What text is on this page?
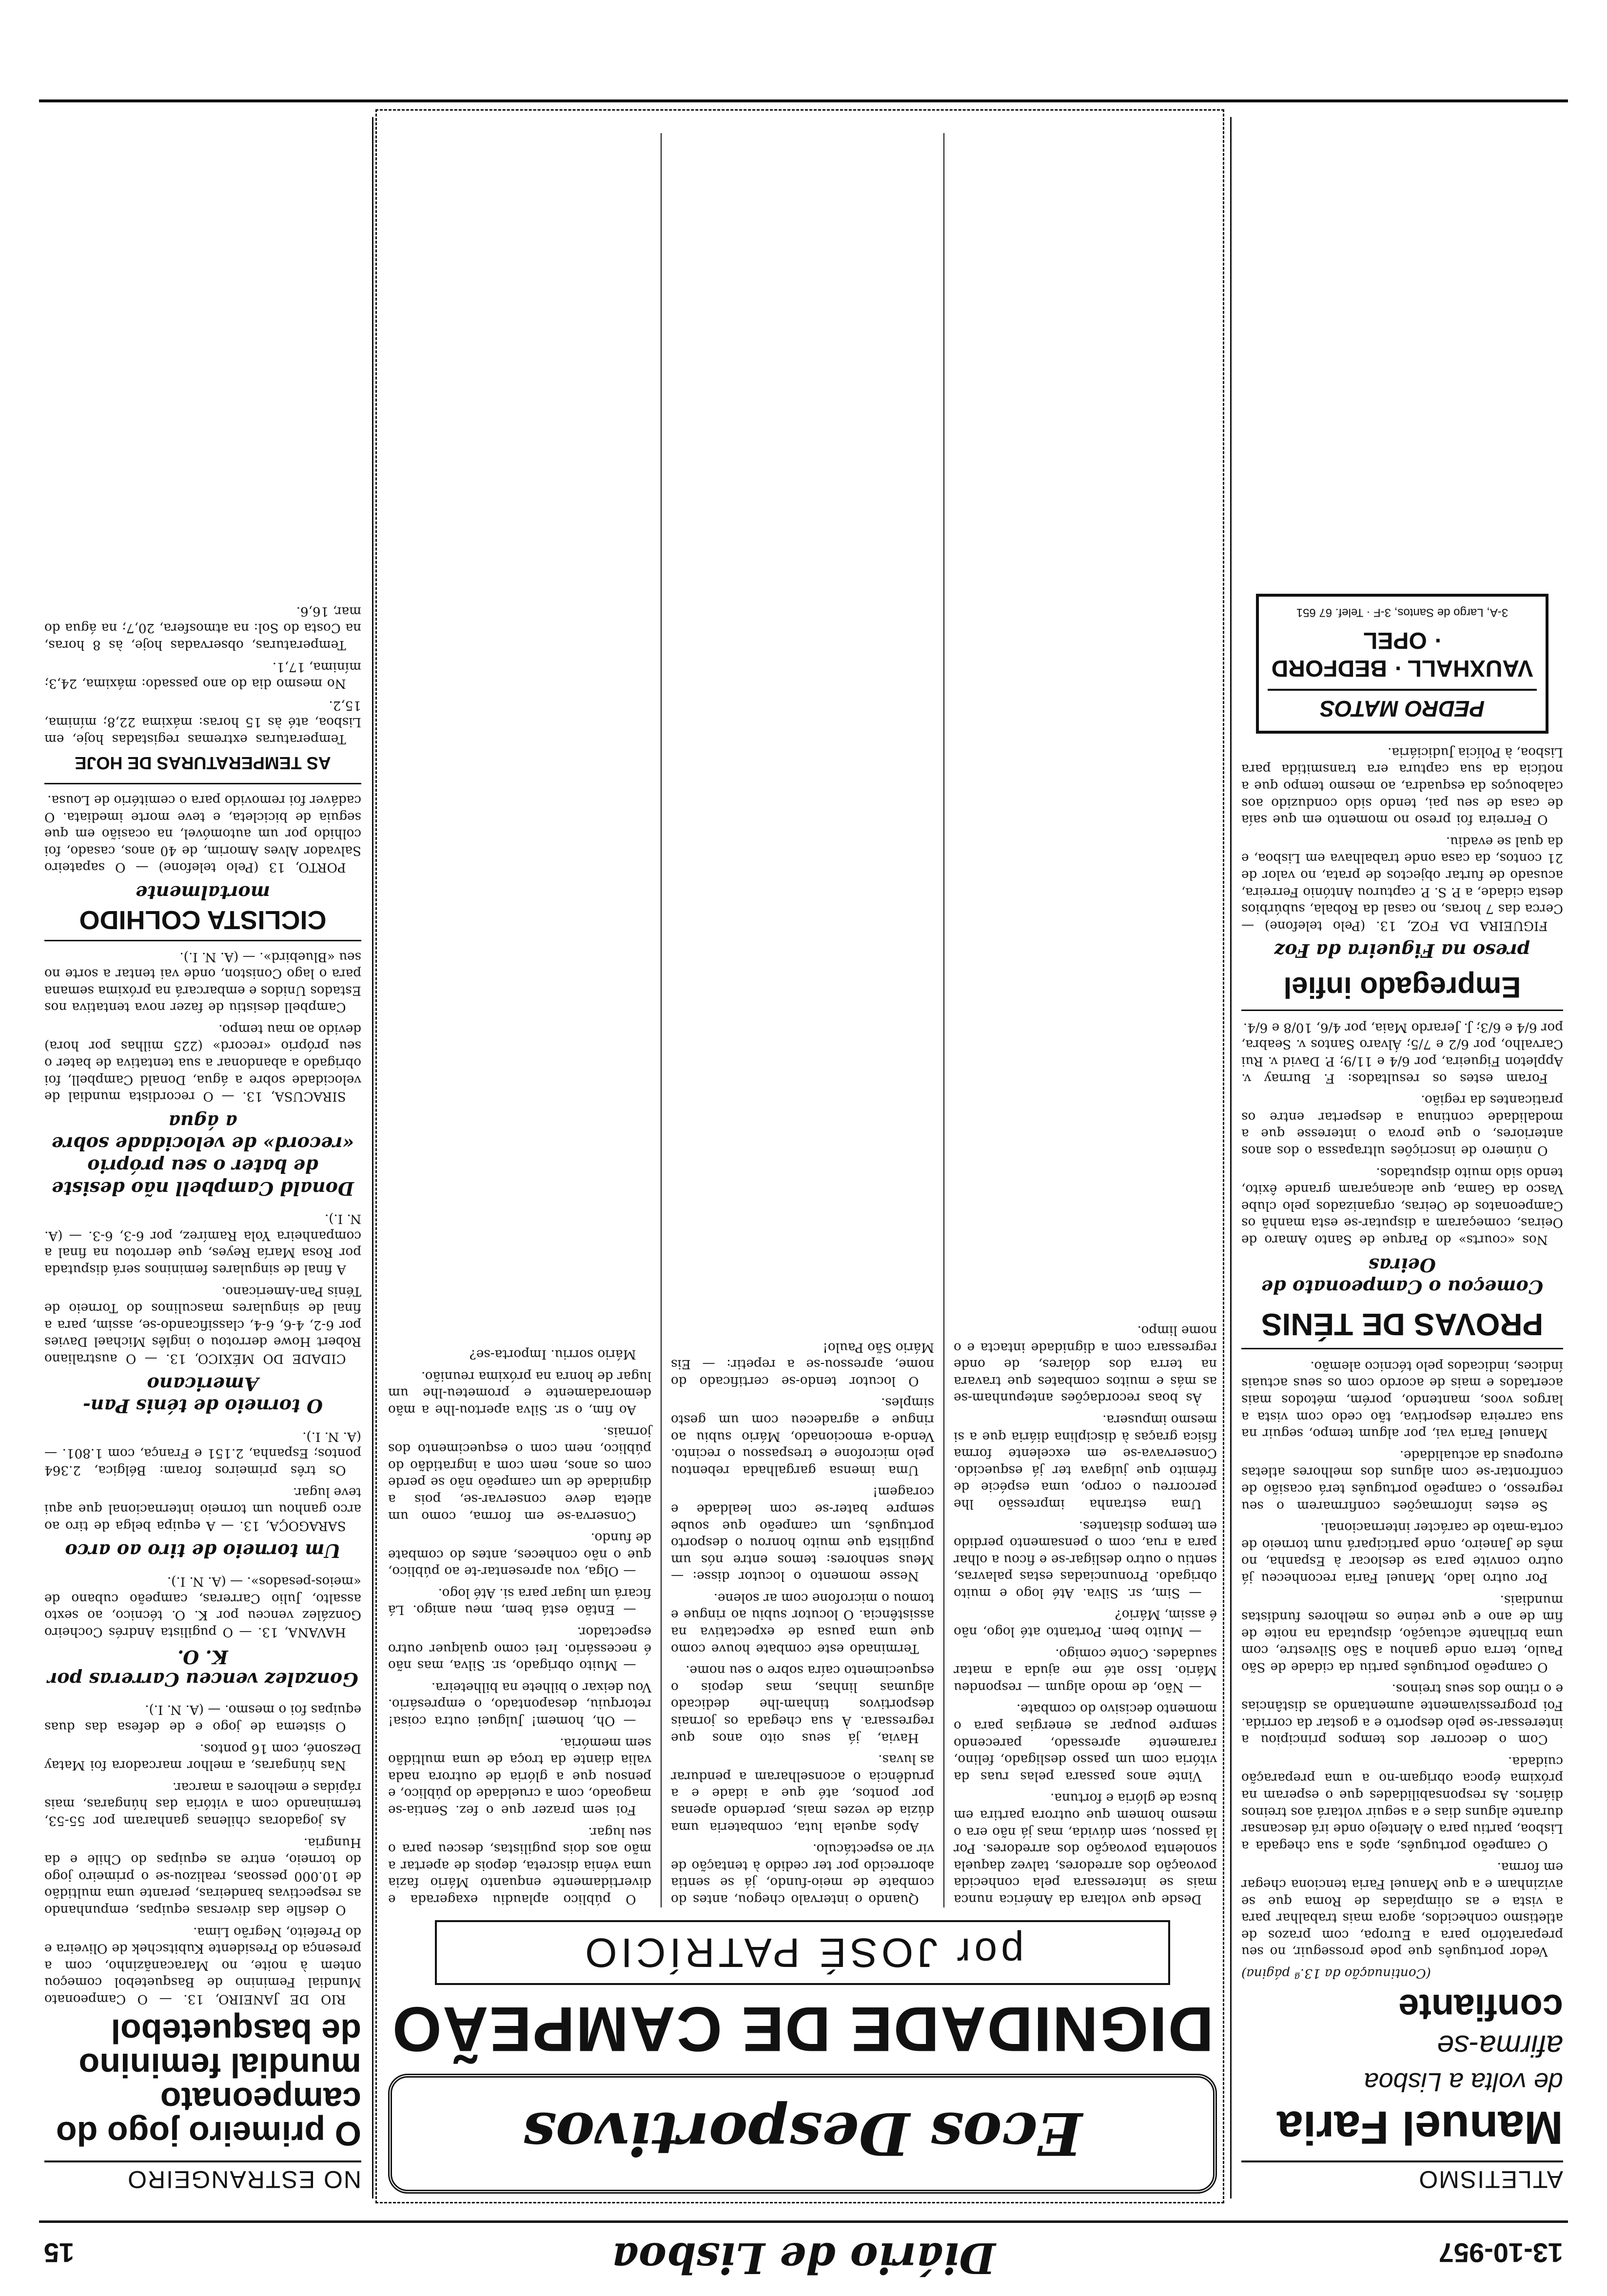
13-10-957
Diário de Lisboa
15
ATLETISMO
Manuel Faria
de volta a Lisboa
afirma-se
confiante

(Continuação da 13.ª página)

Vedor português que pode prosseguir, no seu preparatório para a Europa, com prazos de atletismo conhecidos, agora mais trabalhar para a vista e as olimpíadas de Roma que se avizinham e a que Manuel Faria tenciona chegar em forma.

O campeão português, após a sua chegada a Lisboa, partiu para o Alentejo onde irá descansar durante alguns dias e a seguir voltará aos treinos diários. As responsabilidades que o esperam na próxima época obrigam-no a uma preparação cuidada.

Com o decorrer dos tempos principiou a interessar-se pelo desporto e a gostar da corrida. Foi progressivamente aumentando as distâncias e o ritmo dos seus treinos.

O campeão português partiu da cidade de São Paulo, terra onde ganhou a São Silvestre, com uma brilhante actuação, disputada na noite de fim de ano e que reúne os melhores fundistas mundiais.

Por outro lado, Manuel Faria reconheceu já outro convite para se deslocar à Espanha, no mês de Janeiro, onde participará num torneio de corta-mato de carácter internacional.

Se estes informações confirmarem o seu regresso, o campeão português terá ocasião de confrontar-se com alguns dos melhores atletas europeus da actualidade.

Manuel Faria vai, por algum tempo, seguir na sua carreira desportiva, tão cedo com vista a largos voos, mantendo, porém, métodos mais acertados e mais de acordo com os seus actuais índices, indicados pelo técnico alemão.

PROVAS DE TÉNIS
Começou o Campeonato de Oeiras

Nos «courts» do Parque de Santo Amaro de Oeiras, começaram a disputar-se esta manhã os Campeonatos de Oeiras, organizados pelo clube Vasco da Gama, que alcançaram grande êxito, tendo sido muito disputados.

O número de inscrições ultrapassa o dos anos anteriores, o que prova o interesse que a modalidade continua a despertar entre os praticantes da região.

Foram estes os resultados: F. Burnay v. Appleton Figueira, por 6/4 e 11/9; P. David v. Rui Carvalho, por 6/2 e 7/5; Álvaro Santos v. Seabra, por 6/4 e 6/3; J. Jerardo Maia, por 4/6, 10/8 e 6/4.

Empregado infiel
preso na Figueira da Foz

FIGUEIRA DA FOZ, 13. (Pelo telefone) — Cerca das 7 horas, no casal da Robala, subúrbios desta cidade, a P. S. P. capturou António Ferreira, acusado de furtar objectos de prata, no valor de 21 contos, da casa onde trabalhava em Lisboa, e da qual se evadiu.

O Ferreira foi preso no momento em que saía de casa de seu pai, tendo sido conduzido aos calabouços da esquadra, ao mesmo tempo que a notícia da sua captura era transmitida para Lisboa, à Polícia Judiciária.

PEDRO MATOS
VAUXHALL · BEDFORD · OPEL
3-A, Largo de Santos, 3-F · Telef. 67 651
Ecos Desportivos
DIGNIDADE DE CAMPEÃO
por JOSÉ PATRÍCIO

Desde que voltara da América nunca mais se interessara pela conhecida povoação dos arredores, talvez daquela sonolenta povoação dos arredores. Por lá passou, sem dúvida, mas já não era o mesmo homem que outrora partira em busca de glória e fortuna.

Vinte anos passara pelas ruas da vitória com um passo desligado, felino, raramente apressado, parecendo sempre poupar as energias para o momento decisivo do combate.

— Não, de modo algum — respondeu Mário. Isso até me ajuda a matar saudades. Conte comigo.

— Muito bem. Portanto até logo, não é assim, Mário?

— Sim, sr. Silva. Até logo e muito obrigado. Pronunciadas estas palavras, sentiu o outro desligar-se e ficou a olhar para a rua, com o pensamento perdido em tempos distantes.

Uma estranha impressão lhe percorreu o corpo, uma espécie de frémito que julgava ter já esquecido. Conservava-se em excelente forma física graças à disciplina diária que a si mesmo impusera.

Às boas recordações antepunham-se as más e muitos combates que travara na terra dos dólares, de onde regressara com a dignidade intacta e o nome limpo.

Quando o intervalo chegou, antes do combate de meio-fundo, já se sentia aborrecido por ter cedido à tentação de vir ao espectáculo.

Após aquela luta, combateria uma dúzia de vezes mais, perdendo apenas por pontos, até que a idade e a prudência o aconselharam a pendurar as luvas.

Havia, já seus oito anos que regressara. À sua chegada os jornais desportivos tinham-lhe dedicado algumas linhas, mas depois o esquecimento caíra sobre o seu nome.

Terminado este combate houve como que uma pausa de expectativa na assistência. O locutor subiu ao ringue e tomou o microfone com ar solene.

Nesse momento o locutor disse: — Meus senhores: temos entre nós um pugilista que muito honrou o desporto português, um campeão que soube sempre bater-se com lealdade e coragem!

Uma imensa gargalhada rebentou pelo microfone e trespassou o recinto. Vendo-a emocionado, Mário subiu ao ringue e agradeceu com um gesto simples.

O locutor tendo-se certificado do nome, apressou-se a repetir: — Eis Mário São Paulo!

O público aplaudiu exagerada e divertidamente enquanto Mário fazia uma vénia discreta, depois de apertar a mão aos dois pugilistas, desceu para o seu lugar.

Foi sem prazer que o fez. Sentia-se magoado, com a crueldade do público, e pensou que a glória de outrora nada valia diante da troça de uma multidão sem memória.

— Oh, homem! Julguei outra coisa! retorquiu, desapontado, o empresário. Vou deixar o bilhete na bilheteira.

— Muito obrigado, sr. Silva, mas não é necessário. Irei como qualquer outro espectador.

— Então está bem, meu amigo. Lá ficará um lugar para si. Até logo.

— Olga, vou apresentar-te ao público, que o não conheces, antes do combate de fundo.

Conserva-se em forma, como um atleta deve conservar-se, pois a dignidade de um campeão não se perde com os anos, nem com a ingratidão do público, nem com o esquecimento dos jornais.

Ao fim, o sr. Silva apertou-lhe a mão demoradamente e prometeu-lhe um lugar de honra na próxima reunião.

Mário sorriu. Importa-se?

NO ESTRANGEIRO
O primeiro jogo do campeonato mundial feminino de basquetebol

RIO DE JANEIRO, 13. — O Campeonato Mundial Feminino de Basquetebol começou ontem à noite, no Maracanãzinho, com a presença do Presidente Kubitschek de Oliveira e do Prefeito, Negrão Lima.

O desfile das diversas equipas, empunhando as respectivas bandeiras, perante uma multidão de 10.000 pessoas, realizou-se o primeiro jogo do torneio, entre as equipas do Chile e da Hungria.

As jogadoras chilenas ganharam por 55-53, terminando com a vitória das húngaras, mais rápidas e melhores a marcar.

Nas húngaras, a melhor marcadora foi Matay Dezsoné, com 16 pontos.

O sistema de jogo e de defesa das duas equipas foi o mesmo. — (A. N. I.).

Gonzalez venceu Carreras por K. O.

HAVANA, 13. — O pugilista Andrés Cocheiro González venceu por K. O. técnico, ao sexto assalto, Julio Carreras, campeão cubano de «meios-pesados». — (A. N. I.).

Um torneio de tiro ao arco

SARAGOÇA, 13. — A equipa belga de tiro ao arco ganhou um torneio internacional que aqui teve lugar.

Os três primeiros foram: Bélgica, 2.364 pontos; Espanha, 2.151 e França, com 1.801. — (A. N. I.).

O torneio de ténis Pan-Americano

CIDADE DO MÉXICO, 13. — O australiano Robert Howe derrotou o inglês Michael Davies por 6-2, 4-6, 6-4, classificando-se, assim, para a final de singulares masculinos do Torneio de Ténis Pan-Americano.

A final de singulares femininos será disputada por Rosa María Reyes, que derrotou na final a companheira Yola Ramírez, por 6-3, 6-3. — (A. N. I.).

Donald Campbell não desiste de bater o seu próprio «record» de velocidade sobre a água

SIRACUSA, 13. — O recordista mundial de velocidade sobre a água, Donald Campbell, foi obrigado a abandonar a sua tentativa de bater o seu próprio «record» (225 milhas por hora) devido ao mau tempo.

Campbell desistiu de fazer nova tentativa nos Estados Unidos e embarcará na próxima semana para o lago Coniston, onde vai tentar a sorte no seu «Bluebird». — (A. N. I.).

CICLISTA COLHIDO
mortalmente

PORTO, 13 (Pelo telefone) — O sapateiro Salvador Alves Amorim, de 40 anos, casado, foi colhido por um automóvel, na ocasião em que seguia de bicicleta, e teve morte imediata. O cadáver foi removido para o cemitério de Lousa.

AS TEMPERATURAS DE HOJE

Temperaturas extremas registadas hoje, em Lisboa, até às 15 horas: máxima 22,8; mínima, 15,2.

No mesmo dia do ano passado: máxima, 24,3; mínima, 17,1.

Temperaturas, observadas hoje, às 8 horas, na Costa do Sol: na atmosfera, 20,7; na água do mar, 16,6.
